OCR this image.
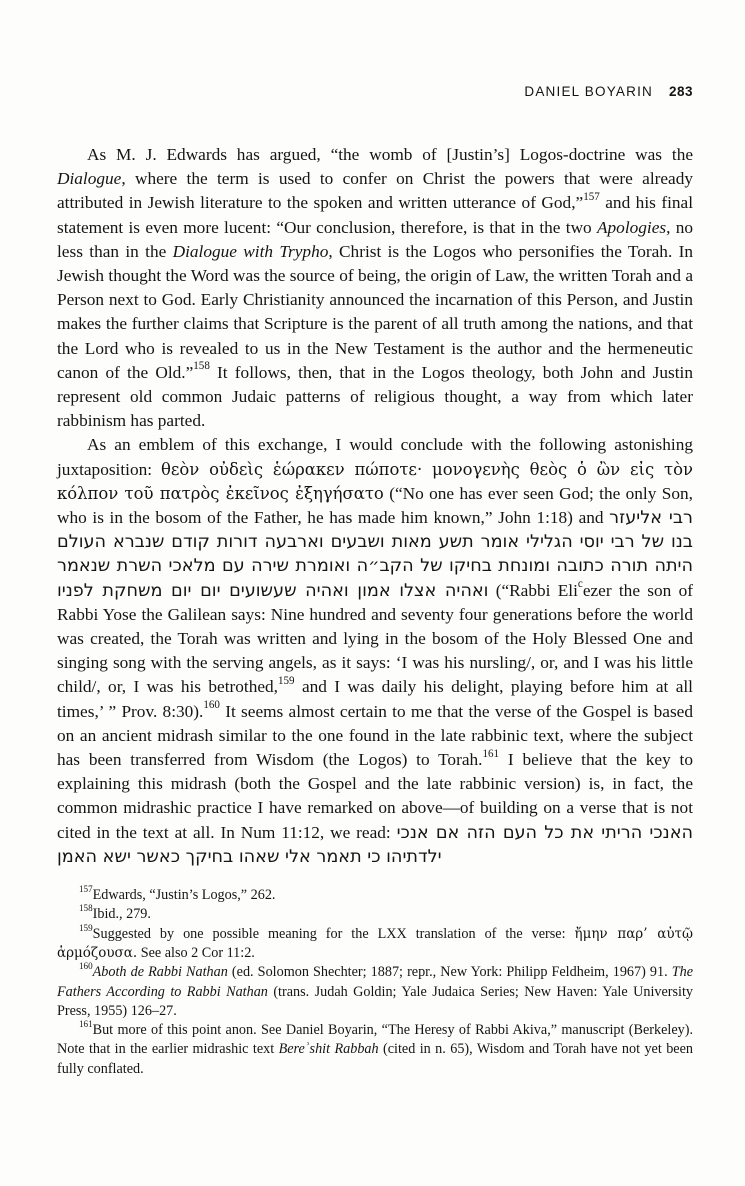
DANIEL BOYARIN 283

As M. J. Edwards has argued, “the womb of [Justin’s] Logos-doctrine was the Dialogue, where the term is used to confer on Christ the powers that were already attributed in Jewish literature to the spoken and written utterance of God,”$^{157}$ and his final statement is even more lucent: “Our conclusion, therefore, is that in the two Apologies, no less than in the Dialogue with Trypho, Christ is the Logos who personifies the Torah. In Jewish thought the Word was the source of being, the origin of Law, the written Torah and a Person next to God. Early Christianity announced the incarnation of this Person, and Justin makes the further claims that Scripture is the parent of all truth among the nations, and that the Lord who is revealed to us in the New Testament is the author and the hermeneutic canon of the Old.”$^{158}$ It follows, then, that in the Logos theology, both John and Justin represent old common Judaic patterns of religious thought, a way from which later rabbinism has parted.

As an emblem of this exchange, I would conclude with the following astonishing juxtaposition: θεὸν οὐδεὶς ἑώρακεν πώποτε· μονογενὴς θεὸς ὁ ὢν εἰς τὸν κόλπον τοῦ πατρὸς ἐκεῖνος ἐξηγήσατο (“No one has ever seen God; the only Son, who is in the bosom of the Father, he has made him known,” John 1:18) and רבי אליעזר בנו של רבי יוסי הגלילי אומר תשע מאות ושבעים וארבעה דורות קודם שנברא העולם היתה תורה כתובה ומונחת בחיקו של הקב״ה ואומרת שירה עם מלאכי השרת שנאמר ואהיה אצלו אמון ואהיה שעשועים יום יום משחקת לפניו (“Rabbi Eli$^c$ezer the son of Rabbi Yose the Galilean says: Nine hundred and seventy four generations before the world was created, the Torah was written and lying in the bosom of the Holy Blessed One and singing song with the serving angels, as it says: ‘I was his nursling/, or, and I was his little child/, or, I was his betrothed,$^{159}$ and I was daily his delight, playing before him at all times,’ ” Prov. 8:30).$^{160}$ It seems almost certain to me that the verse of the Gospel is based on an ancient midrash similar to the one found in the late rabbinic text, where the subject has been transferred from Wisdom (the Logos) to Torah.$^{161}$ I believe that the key to explaining this midrash (both the Gospel and the late rabbinic version) is, in fact, the common midrashic practice I have remarked on above—of building on a verse that is not cited in the text at all. In Num 11:12, we read: האנכי הריתי את כל העם הזה אם אנכי ילדתיהו כי תאמר אלי שאהו בחיקך כאשר ישא האמן

$^{157}$Edwards, “Justin’s Logos,” 262.

$^{158}$Ibid., 279.

$^{159}$Suggested by one possible meaning for the LXX translation of the verse: ἤμην παρ’ αὐτῷ ἁρμόζουσα. See also 2 Cor 11:2.

$^{160}$Aboth de Rabbi Nathan (ed. Solomon Shechter; 1887; repr., New York: Philipp Feldheim, 1967) 91. The Fathers According to Rabbi Nathan (trans. Judah Goldin; Yale Judaica Series; New Haven: Yale University Press, 1955) 126–27.

$^{161}$But more of this point anon. See Daniel Boyarin, “The Heresy of Rabbi Akiva,” manuscript (Berkeley). Note that in the earlier midrashic text Bereʾshit Rabbah (cited in n. 65), Wisdom and Torah have not yet been fully conflated.
